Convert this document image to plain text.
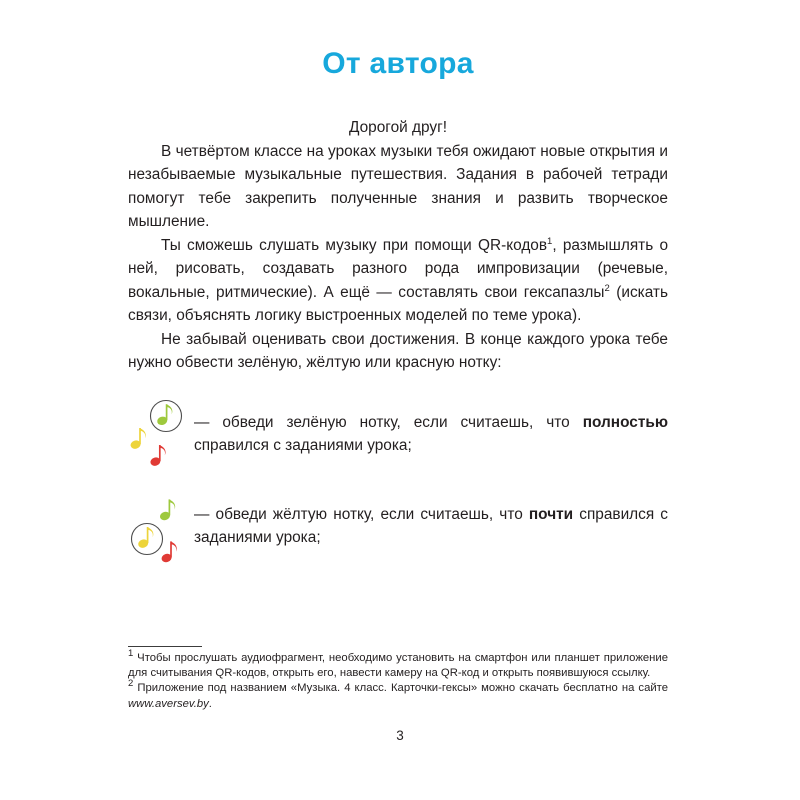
От автора

Дорогой друг!

В четвёртом классе на уроках музыки тебя ожидают новые открытия и незабываемые музыкальные путешествия. Задания в рабочей тетради помогут тебе закрепить полученные знания и развить творческое мышление.

Ты сможешь слушать музыку при помощи QR-кодов$^1$, размышлять о ней, рисовать, создавать разного рода импровизации (речевые, вокальные, ритмические). А ещё — составлять свои гексапазлы$^2$ (искать связи, объяснять логику выстроенных моделей по теме урока).

Не забывай оценивать свои достижения. В конце каждого урока тебе нужно обвести зелёную, жёлтую или красную нотку:

— обведи зелёную нотку, если считаешь, что полностью справился с заданиями урока;
— обведи жёлтую нотку, если считаешь, что почти справился с заданиями урока;

$^1$ Чтобы прослушать аудиофрагмент, необходимо установить на смартфон или планшет приложение для считывания QR-кодов, открыть его, навести камеру на QR-код и открыть появившуюся ссылку.

$^2$ Приложение под названием «Музыка. 4 класс. Карточки-гексы» можно скачать бесплатно на сайте www.aversev.by.

3
